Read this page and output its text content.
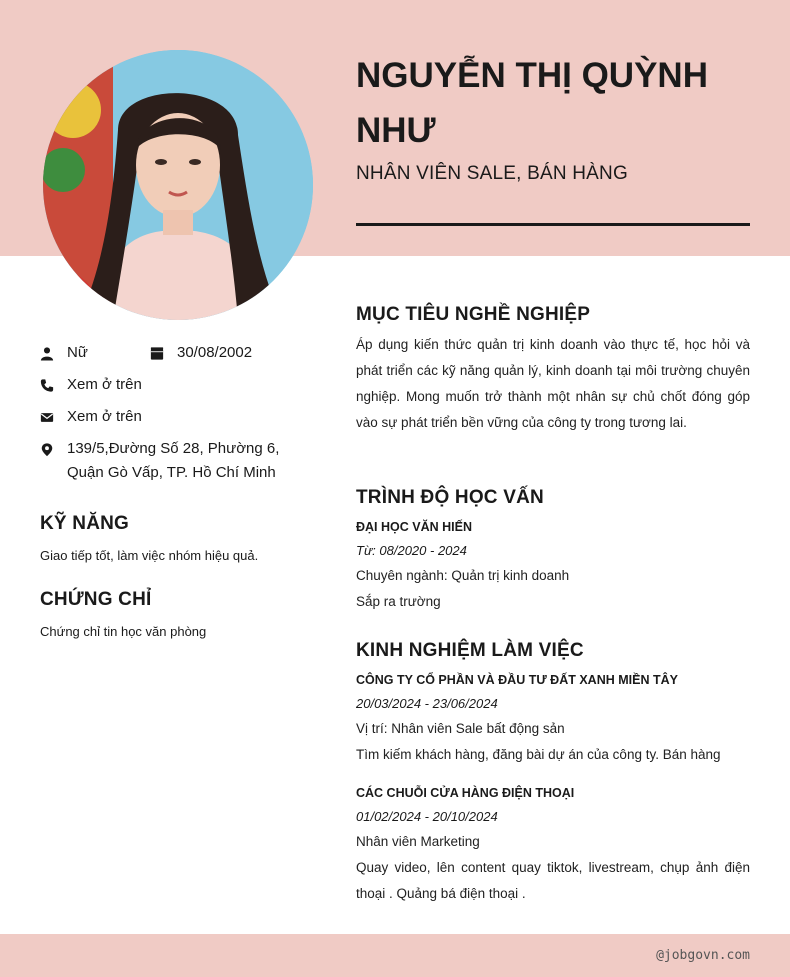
@jobgovn.com
NGUYỄN THỊ QUỲNH NHƯ
NHÂN VIÊN SALE, BÁN HÀNG
Nữ	30/08/2002
Xem ở trên
Xem ở trên
139/5,Đường Số 28, Phường 6, Quận Gò Vấp, TP. Hồ Chí Minh
KỸ NĂNG
Giao tiếp tốt, làm việc nhóm hiệu quả.
CHỨNG CHỈ
Chứng chỉ tin học văn phòng
MỤC TIÊU NGHỀ NGHIỆP
Áp dụng kiến thức quản trị kinh doanh vào thực tế, học hỏi và phát triển các kỹ năng quản lý, kinh doanh tại môi trường chuyên nghiệp. Mong muốn trở thành một nhân sự chủ chốt đóng góp vào sự phát triển bền vững của công ty trong tương lai.
TRÌNH ĐỘ HỌC VẤN
ĐẠI HỌC VĂN HIẾN
Từ: 08/2020 - 2024
Chuyên ngành: Quản trị kinh doanh
Sắp ra trường
KINH NGHIỆM LÀM VIỆC
CÔNG TY CỔ PHẦN VÀ ĐẦU TƯ ĐẤT XANH MIỀN TÂY
20/03/2024 - 23/06/2024
Vị trí: Nhân viên Sale bất động sản
Tìm kiếm khách hàng, đăng bài dự án của công ty. Bán hàng
CÁC CHUỖI CỬA HÀNG ĐIỆN THOẠI
01/02/2024 - 20/10/2024
Nhân viên Marketing
Quay video, lên content quay tiktok, livestream, chụp ảnh điện thoại . Quảng bá điện thoại .
